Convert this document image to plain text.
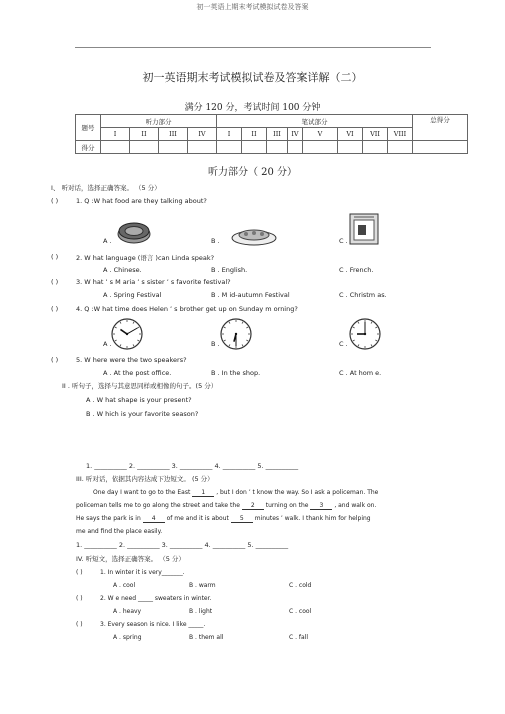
初一英语上期末考试模拟试卷及答案
初一英语期末考试模拟试卷及答案详解（二）
满分 120 分，考试时间 100 分钟
题号	听力部分				笔试部分								总得分
	I	II	III	IV	I	II	III	IV	V	VI	VII	VIII	
得分													
听力部分（ 20 分）
I、 听对话，选择正确答案。 （5 分）
( )	1. Q :W hat food are they talking about?
A .	B .	C .
( )	2. W hat language (语言 )can Linda speak?
A . Chinese.	B . English.	C . French.
( )	3. W hat ’ s M aria ’ s sister ’ s favorite festival?
A . Spring Festival	B . M id-autumn Festival	C . Christm as.
( )	4. Q :W hat time does Helen ’ s brother get up on Sunday m orning?
A .	B .	C .
( )	5. W here were the two speakers?
A . At the post office.	B . In the shop.	C . At hom e.
II . 听句子，选择与其意思同样或相像的句子。(5 分）
A . W hat shape is your present?
B . W hich is your favorite season?
1. __________ 2. __________ 3. __________ 4. __________ 5. __________
III. 听对话，依据其内容达成下边短文。 (5 分）
One day I want to go to the East 1 , but I don ’ t know the way. So I ask a policeman. The
policeman tells me to go along the street and take the 2 turning on the 3 , and walk on.
He says the park is in 4 of me and it is about 5 minutes ’ walk. I thank him for helping
me and find the place easily.
1. __________ 2. __________ 3. __________ 4. __________ 5. __________
IV. 听短文，选择正确答案。 （5 分）
( )	1. In winter it is very_______.
A . cool	B . warm	C . cold
( )	2. W e need _____ sweaters in winter.
A . heavy	B . light	C . cool
( )	3. Every season is nice. I like _____.
A . spring	B . them all	C . fall
